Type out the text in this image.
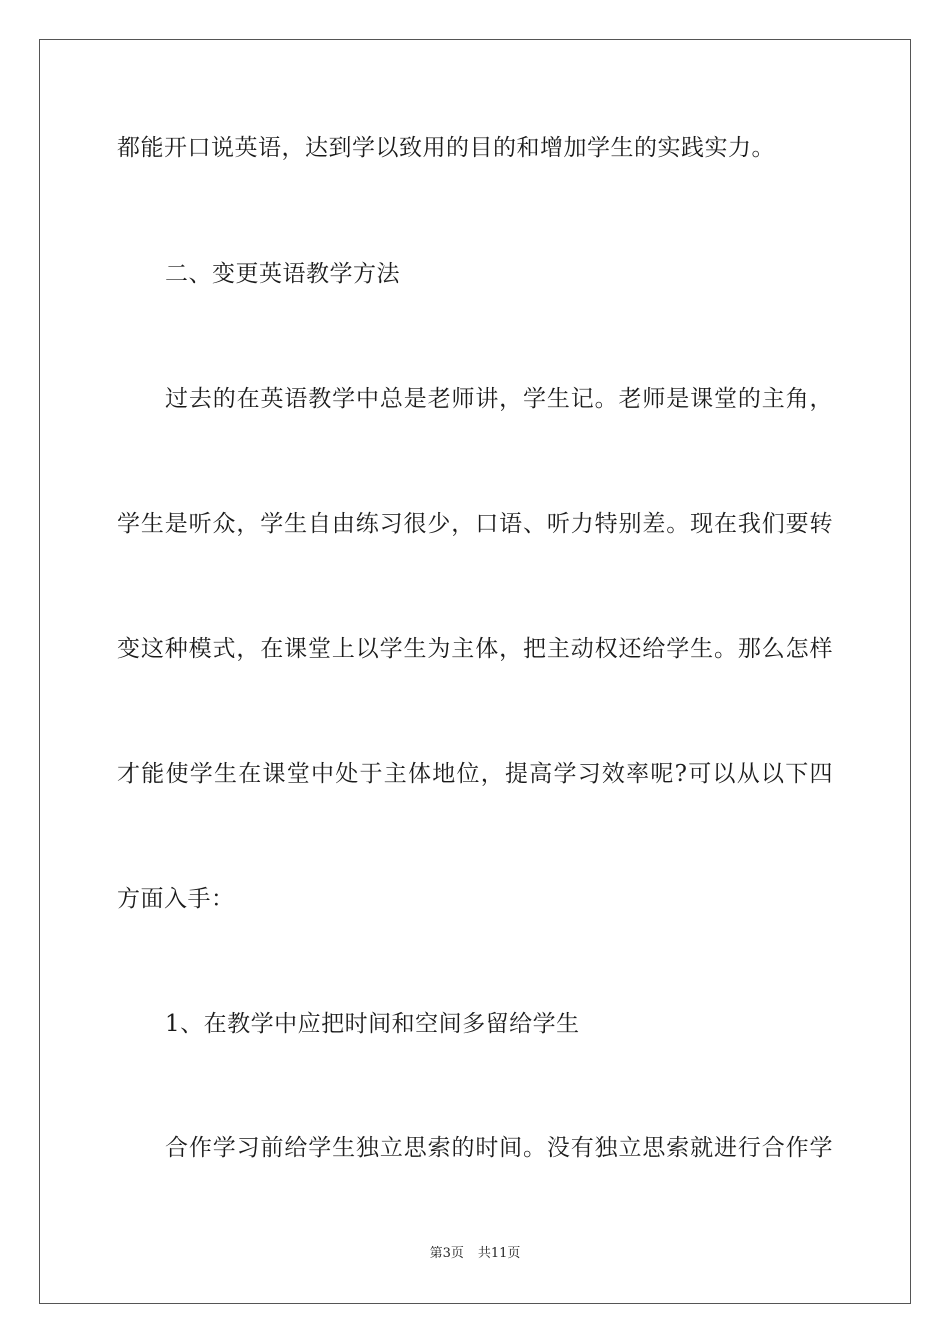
都能开口说英语，达到学以致用的目的和增加学生的实践实力。
二、变更英语教学方法
过去的在英语教学中总是老师讲，学生记。老师是课堂的主角，
学生是听众，学生自由练习很少，口语、听力特别差。现在我们要转
变这种模式，在课堂上以学生为主体，把主动权还给学生。那么怎样
才能使学生在课堂中处于主体地位，提高学习效率呢?可以从以下四
方面入手：
1、在教学中应把时间和空间多留给学生
合作学习前给学生独立思索的时间。没有独立思索就进行合作学
第3页 共11页
